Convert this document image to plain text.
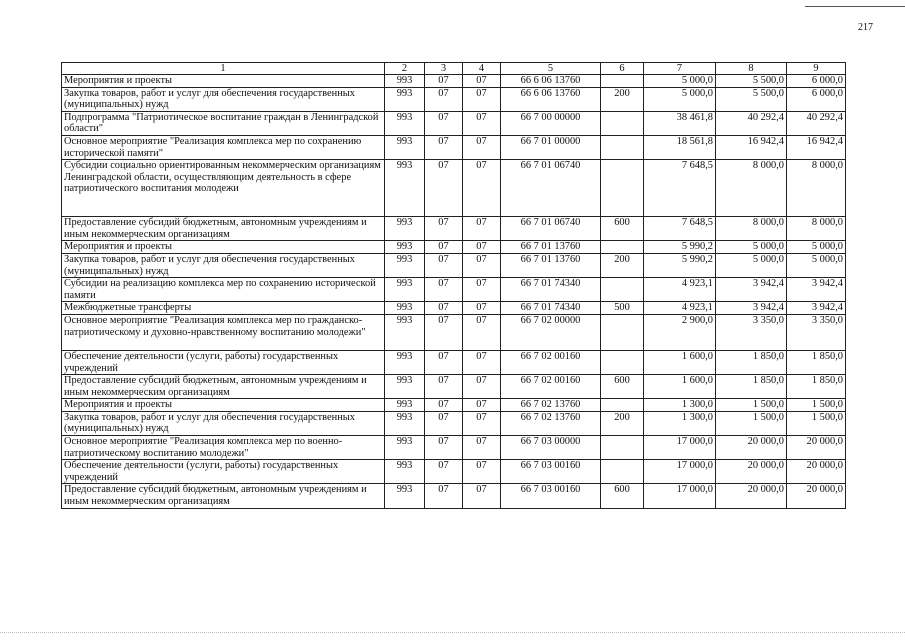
217
1	2	3	4	5	6	7	8	9
Мероприятия и проекты	993	07	07	66 6 06 13760		5 000,0	5 500,0	6 000,0
Закупка товаров, работ и услуг для обеспечения государственных (муниципальных) нужд	993	07	07	66 6 06 13760	200	5 000,0	5 500,0	6 000,0
Подпрограмма "Патриотическое воспитание граждан в Ленинградской области"	993	07	07	66 7 00 00000		38 461,8	40 292,4	40 292,4
Основное мероприятие "Реализация комплекса мер по сохранению исторической памяти"	993	07	07	66 7 01 00000		18 561,8	16 942,4	16 942,4
Субсидии социально ориентированным некоммерческим организациям Ленинградской области, осуществляющим деятельность в сфере патриотического воспитания молодежи	993	07	07	66 7 01 06740		7 648,5	8 000,0	8 000,0
Предоставление субсидий бюджетным, автономным учреждениям и иным некоммерческим организациям	993	07	07	66 7 01 06740	600	7 648,5	8 000,0	8 000,0
Мероприятия и проекты	993	07	07	66 7 01 13760		5 990,2	5 000,0	5 000,0
Закупка товаров, работ и услуг для обеспечения государственных (муниципальных) нужд	993	07	07	66 7 01 13760	200	5 990,2	5 000,0	5 000,0
Субсидии на реализацию комплекса мер по сохранению исторической памяти	993	07	07	66 7 01 74340		4 923,1	3 942,4	3 942,4
Межбюджетные трансферты	993	07	07	66 7 01 74340	500	4 923,1	3 942,4	3 942,4
Основное мероприятие "Реализация комплекса мер по гражданско-патриотическому и духовно-нравственному воспитанию молодежи"	993	07	07	66 7 02 00000		2 900,0	3 350,0	3 350,0
Обеспечение деятельности (услуги, работы) государственных учреждений	993	07	07	66 7 02 00160		1 600,0	1 850,0	1 850,0
Предоставление субсидий бюджетным, автономным учреждениям и иным некоммерческим организациям	993	07	07	66 7 02 00160	600	1 600,0	1 850,0	1 850,0
Мероприятия и проекты	993	07	07	66 7 02 13760		1 300,0	1 500,0	1 500,0
Закупка товаров, работ и услуг для обеспечения государственных (муниципальных) нужд	993	07	07	66 7 02 13760	200	1 300,0	1 500,0	1 500,0
Основное мероприятие "Реализация комплекса мер по военно-патриотическому воспитанию молодежи"	993	07	07	66 7 03 00000		17 000,0	20 000,0	20 000,0
Обеспечение деятельности (услуги, работы) государственных учреждений	993	07	07	66 7 03 00160		17 000,0	20 000,0	20 000,0
Предоставление субсидий бюджетным, автономным учреждениям и иным некоммерческим организациям	993	07	07	66 7 03 00160	600	17 000,0	20 000,0	20 000,0
